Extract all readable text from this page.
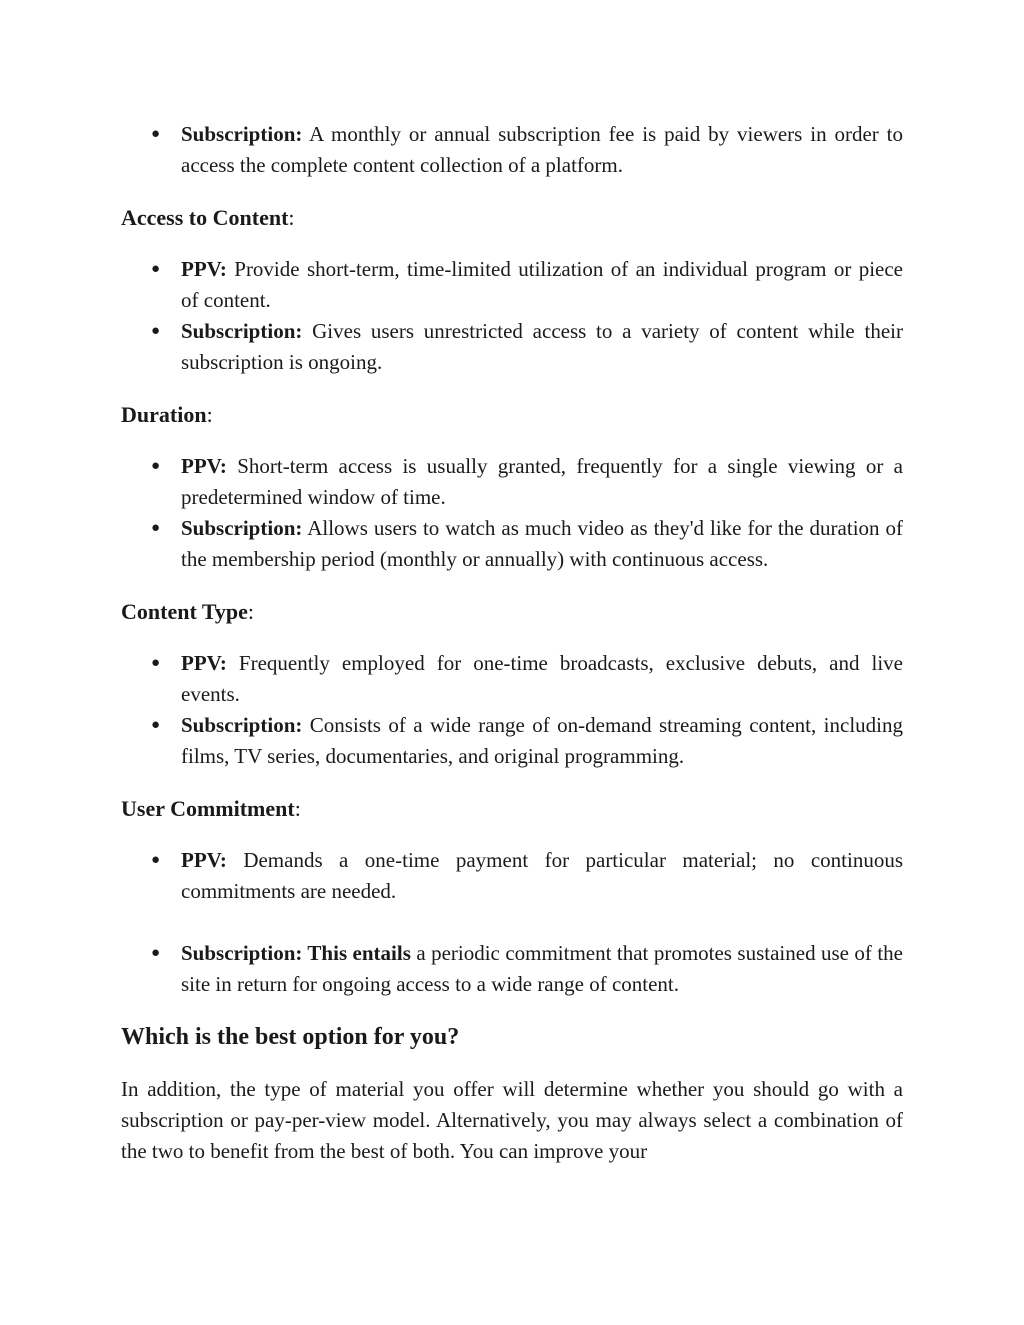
● Subscription: A monthly or annual subscription fee is paid by viewers in order to access the complete content collection of a platform.

Access to Content:

● PPV: Provide short-term, time-limited utilization of an individual program or piece of content.
● Subscription: Gives users unrestricted access to a variety of content while their subscription is ongoing.

Duration:

● PPV: Short-term access is usually granted, frequently for a single viewing or a predetermined window of time.
● Subscription: Allows users to watch as much video as they'd like for the duration of the membership period (monthly or annually) with continuous access.

Content Type:

● PPV: Frequently employed for one-time broadcasts, exclusive debuts, and live events.
● Subscription: Consists of a wide range of on-demand streaming content, including films, TV series, documentaries, and original programming.

User Commitment:

● PPV: Demands a one-time payment for particular material; no continuous commitments are needed.
● Subscription: This entails a periodic commitment that promotes sustained use of the site in return for ongoing access to a wide range of content.
Which is the best option for you?

In addition, the type of material you offer will determine whether you should go with a subscription or pay-per-view model. Alternatively, you may always select a combination of the two to benefit from the best of both. You can improve your
